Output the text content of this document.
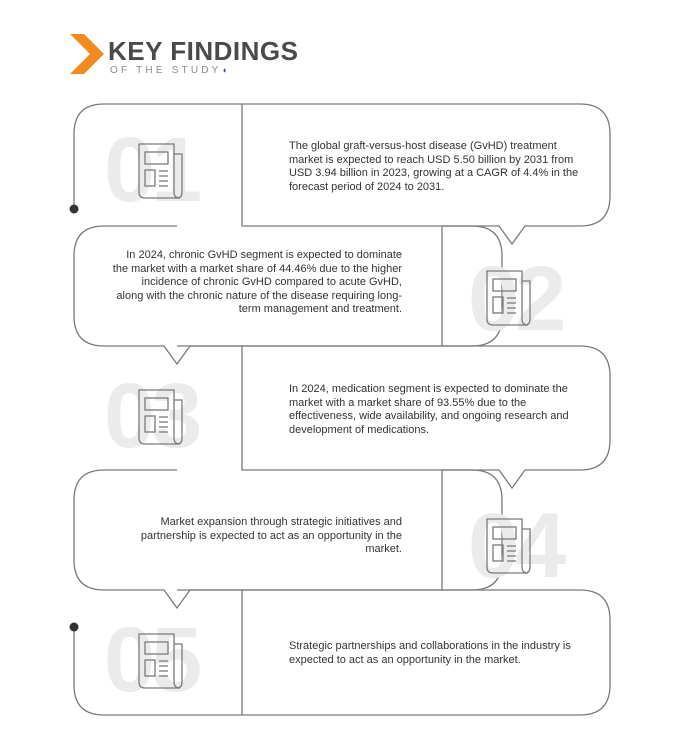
KEY FINDINGS
OF THE STUDY◖
01	The global graft-versus-host disease (GvHD) treatment market is expected to reach USD 5.50 billion by 2031 from USD 3.94 billion in 2023, growing at a CAGR of 4.4% in the forecast period of 2024 to 2031.
02
In 2024, chronic GvHD segment is expected to dominate the market with a market share of 44.46% due to the higher incidence of chronic GvHD compared to acute GvHD, along with the chronic nature of the disease requiring long-term management and treatment.
03	In 2024, medication segment is expected to dominate the market with a market share of 93.55% due to the effectiveness, wide availability, and ongoing research and development of medications.
04
Market expansion through strategic initiatives and partnership is expected to act as an opportunity in the market.
05	Strategic partnerships and collaborations in the industry is expected to act as an opportunity in the market.
